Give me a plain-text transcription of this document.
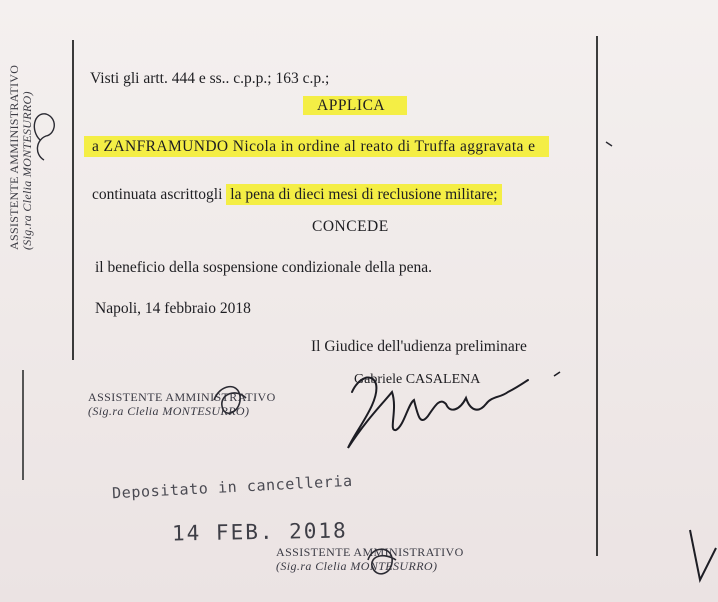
ASSISTENTE AMMINISTRATIVO (Sig.ra Clelia MONTESURRO)
Visti gli artt. 444 e ss.. c.p.p.; 163 c.p.;
APPLICA
a ZANFRAMUNDO Nicola in ordine al reato di Truffa aggravata e
continuata ascrittogli la pena di dieci mesi di reclusione militare;
CONCEDE
il beneficio della sospensione condizionale della pena.
Napoli, 14 febbraio 2018
Il Giudice dell'udienza preliminare
Gabriele CASALENA
ASSISTENTE AMMINISTRATIVO
(Sig.ra Clelia MONTESURRO)
Depositato in cancelleria
14 FEB. 2018
ASSISTENTE AMMINISTRATIVO
(Sig.ra Clelia MONTESURRO)
